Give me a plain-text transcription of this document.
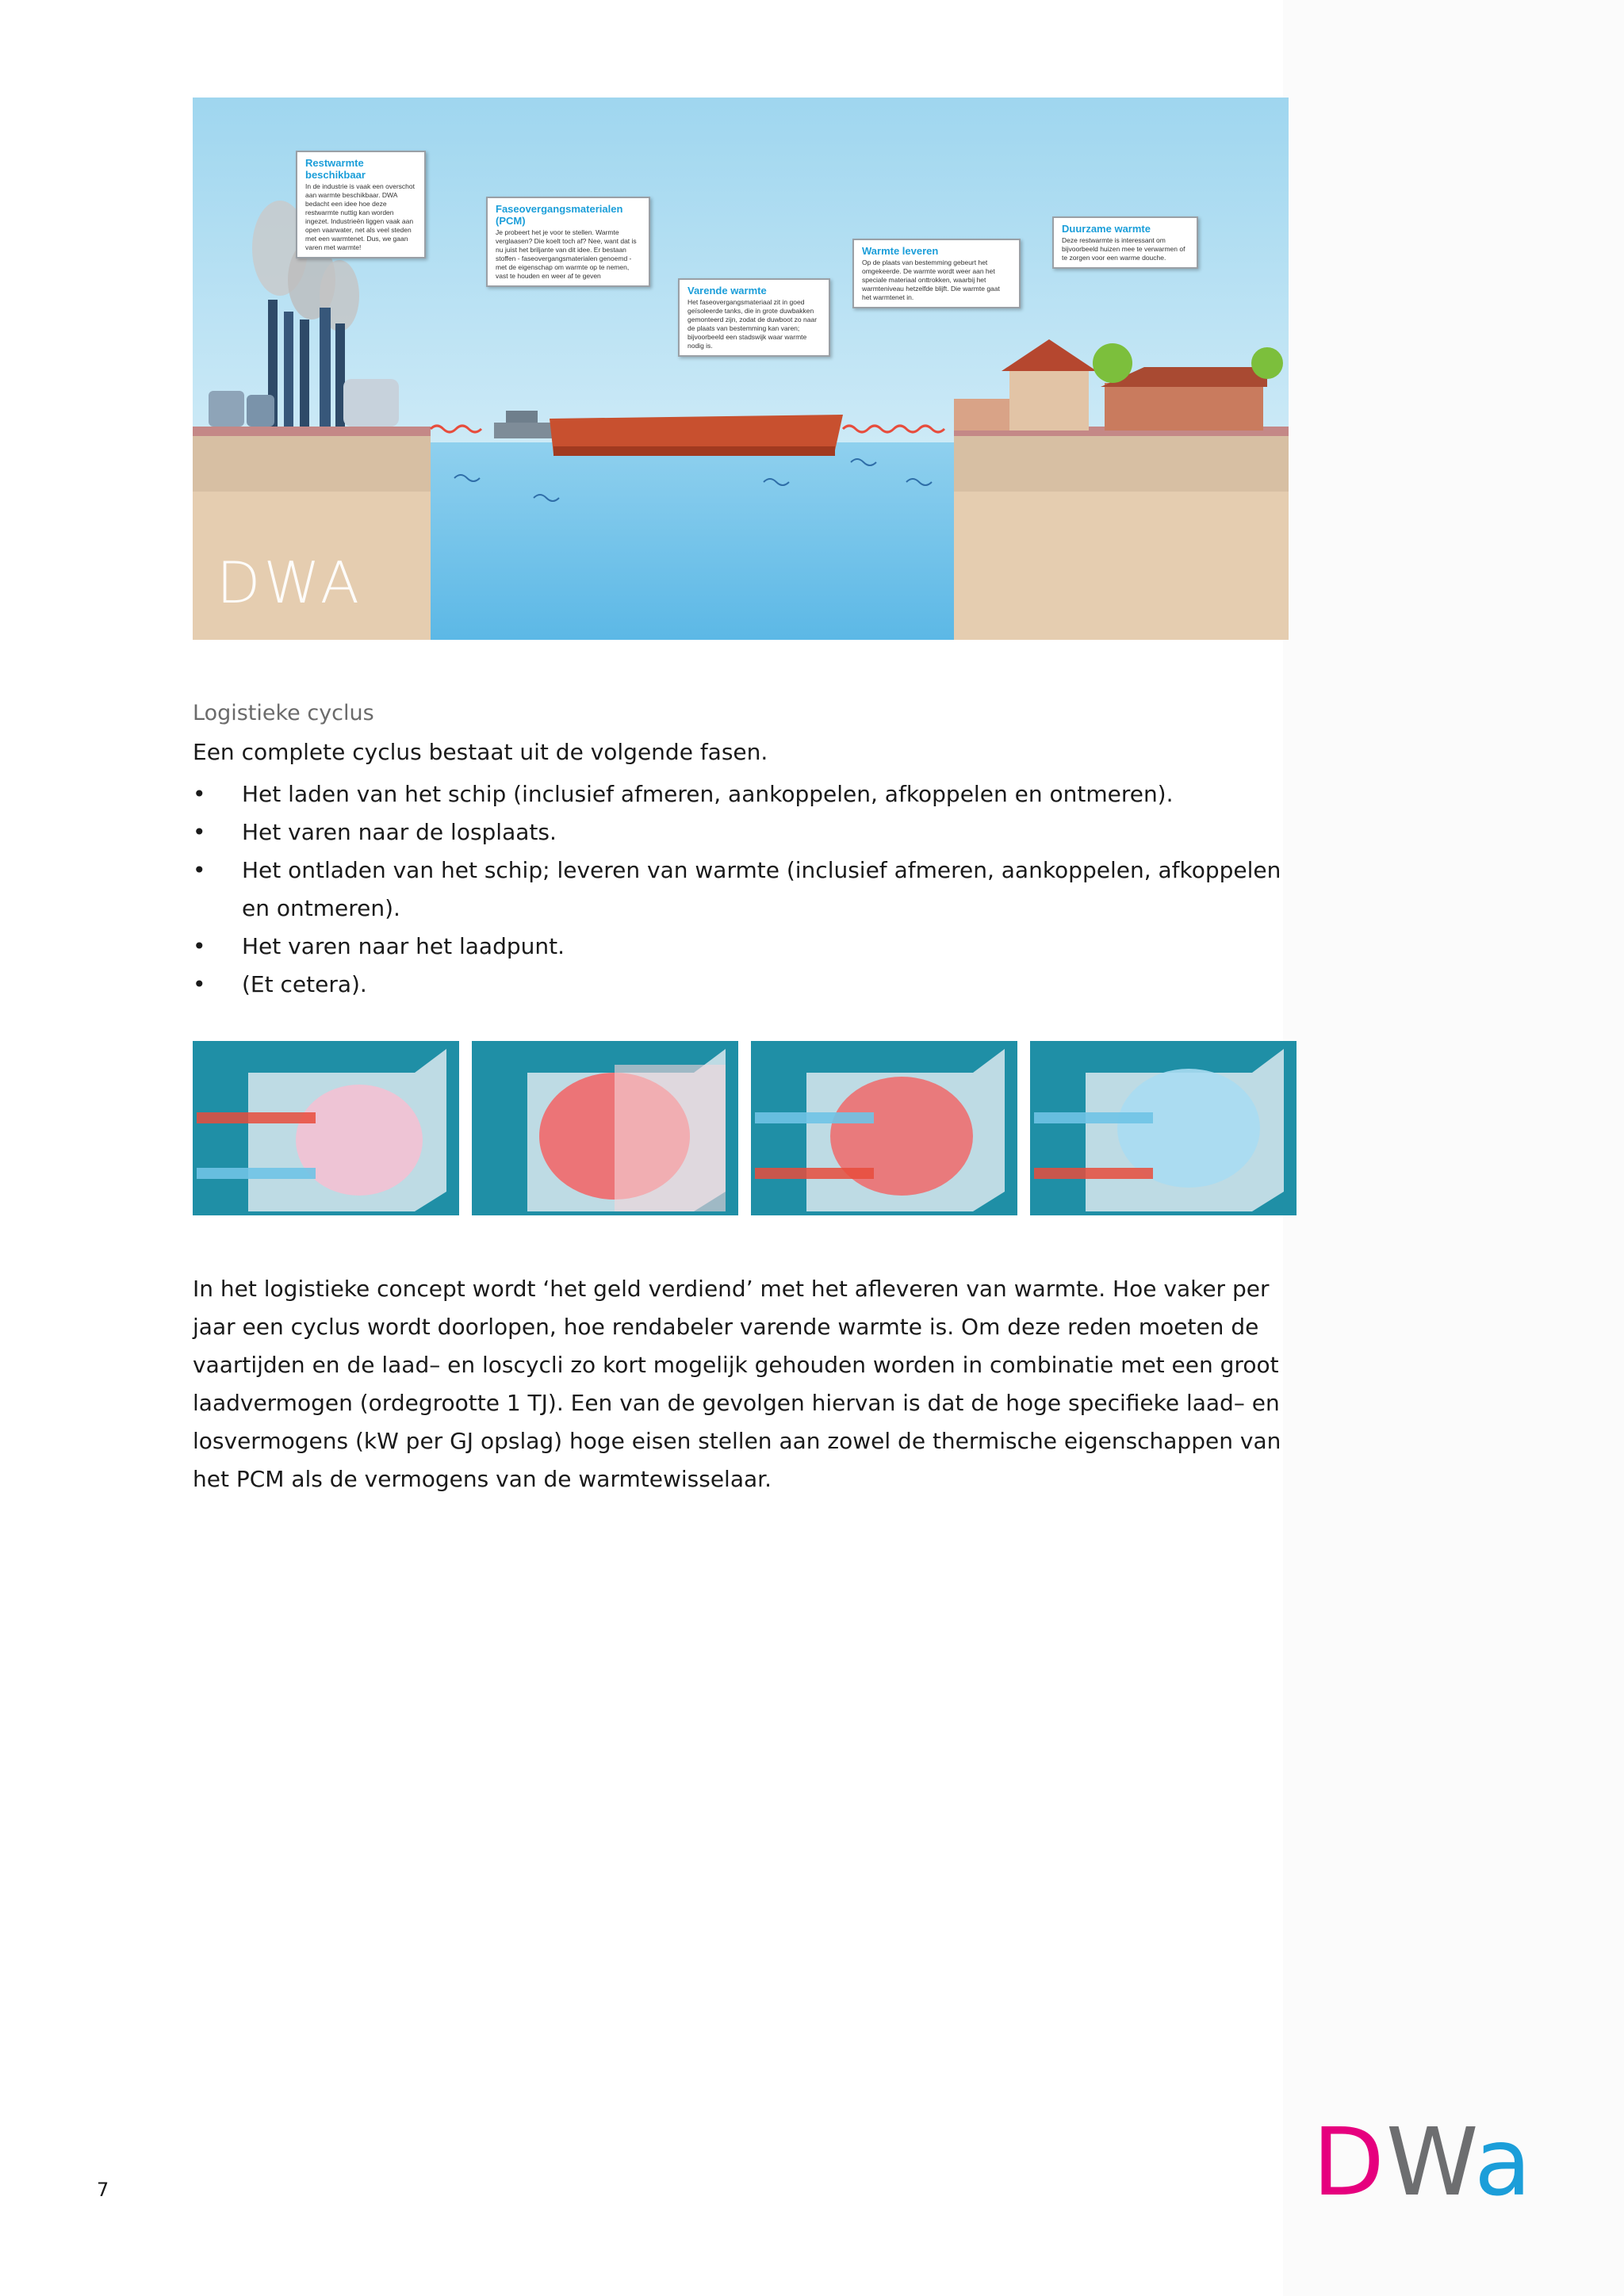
Restwarmte beschikbaar
In de industrie is vaak een overschot aan warmte beschikbaar. DWA bedacht een idee hoe deze restwarmte nuttig kan worden ingezet. Industrieën liggen vaak aan open vaarwater, net als veel steden met een warmtenet. Dus, we gaan varen met warmte!
Faseovergangsmaterialen (PCM)
Je probeert het je voor te stellen. Warmte verglaasen? Die koelt toch af? Nee, want dat is nu juist het briljante van dit idee. Er bestaan stoffen - faseovergangsmaterialen genoemd - met de eigenschap om warmte op te nemen, vast te houden en weer af te geven
Varende warmte
Het faseovergangsmateriaal zit in goed geïsoleerde tanks, die in grote duwbakken gemonteerd zijn, zodat de duwboot zo naar de plaats van bestemming kan varen; bijvoorbeeld een stadswijk waar warmte nodig is.
Warmte leveren
Op de plaats van bestemming gebeurt het omgekeerde. De warmte wordt weer aan het speciale materiaal onttrokken, waarbij het warmteniveau hetzelfde blijft. Die warmte gaat het warmtenet in.
Duurzame warmte
Deze restwarmte is interessant om bijvoorbeeld huizen mee te verwarmen of te zorgen voor een warme douche.
DWA
Logistieke cyclus
Een complete cyclus bestaat uit de volgende fasen.
• Het laden van het schip (inclusief afmeren, aankoppelen, afkoppelen en ontmeren).
• Het varen naar de losplaats.
• Het ontladen van het schip; leveren van warmte (inclusief afmeren, aankoppelen, afkoppelen en ontmeren).
• Het varen naar het laadpunt.
• (Et cetera).

In het logistieke concept wordt ‘het geld verdiend’ met het afleveren van warmte. Hoe vaker per jaar een cyclus wordt doorlopen, hoe rendabeler varende warmte is. Om deze reden moeten de vaartijden en de laad– en loscycli zo kort mogelijk gehouden worden in combinatie met een groot laadvermogen (ordegrootte 1 TJ). Een van de gevolgen hiervan is dat de hoge specifieke laad– en losvermogens (kW per GJ opslag) hoge eisen stellen aan zowel de thermische eigenschappen van het PCM als de vermogens van de warmtewisselaar.

7	DWa
